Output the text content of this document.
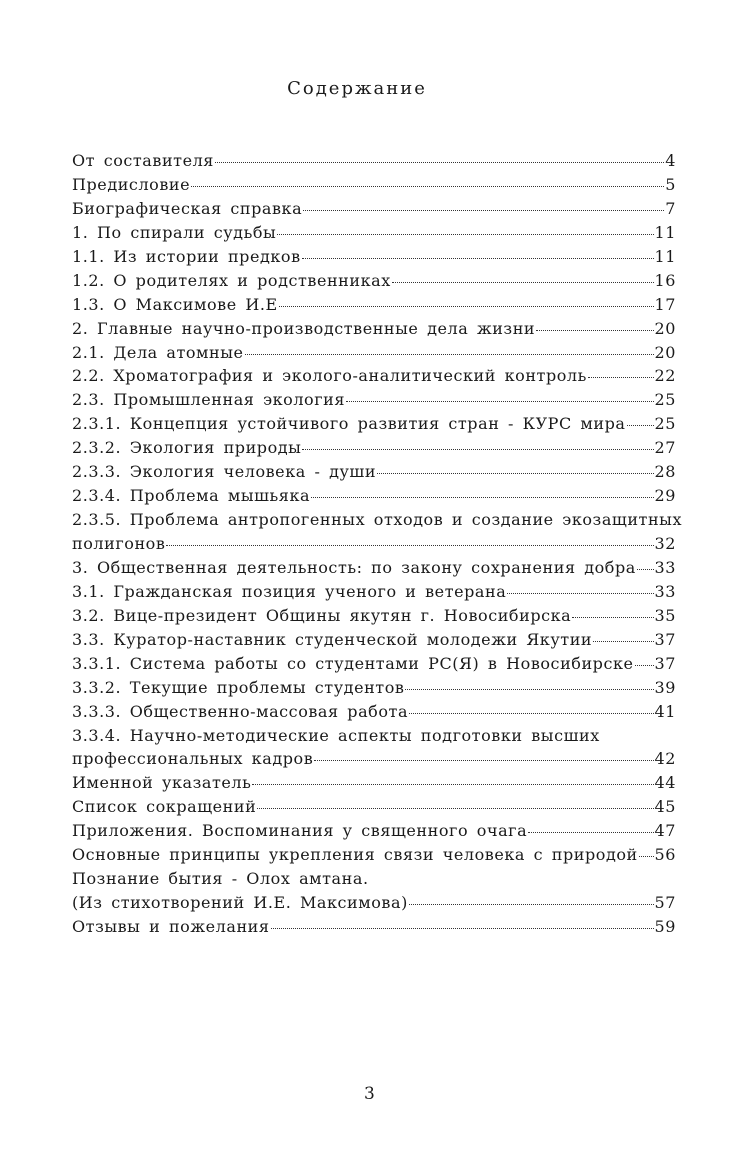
Содержание
От составителя	4
Предисловие	5
Биографическая справка	7
1. По спирали судьбы	11
1.1. Из истории предков	11
1.2. О родителях и родственниках	16
1.3. О Максимове И.Е	17
2. Главные научно-производственные дела жизни	20
2.1. Дела атомные	20
2.2. Хроматография и эколого-аналитический контроль	22
2.3. Промышленная экология	25
2.3.1. Концепция устойчивого развития стран - КУРС мира 25
2.3.2. Экология природы	27
2.3.3. Экология человека - души	28
2.3.4. Проблема мышьяка	29
2.3.5. Проблема антропогенных отходов и создание экозащитных
полигонов	32
3. Общественная деятельность: по закону сохранения добра 33
3.1. Гражданская позиция ученого и ветерана	33
3.2. Вице-президент Общины якутян г. Новосибирска	35
3.3. Куратор-наставник студенческой молодежи Якутии	37
3.3.1. Система работы со студентами РС(Я) в Новосибирске 37
3.3.2. Текущие проблемы студентов	39
3.3.3. Общественно-массовая работа	41
3.3.4. Научно-методические аспекты подготовки высших
профессиональных кадров	42
Именной указатель	44
Список сокращений	45
Приложения. Воспоминания у священного очага	47
Основные принципы укрепления связи человека с природой 56
Познание бытия - Олох амтана.
(Из стихотворений И.Е. Максимова)	57
Отзывы и пожелания	59
3
